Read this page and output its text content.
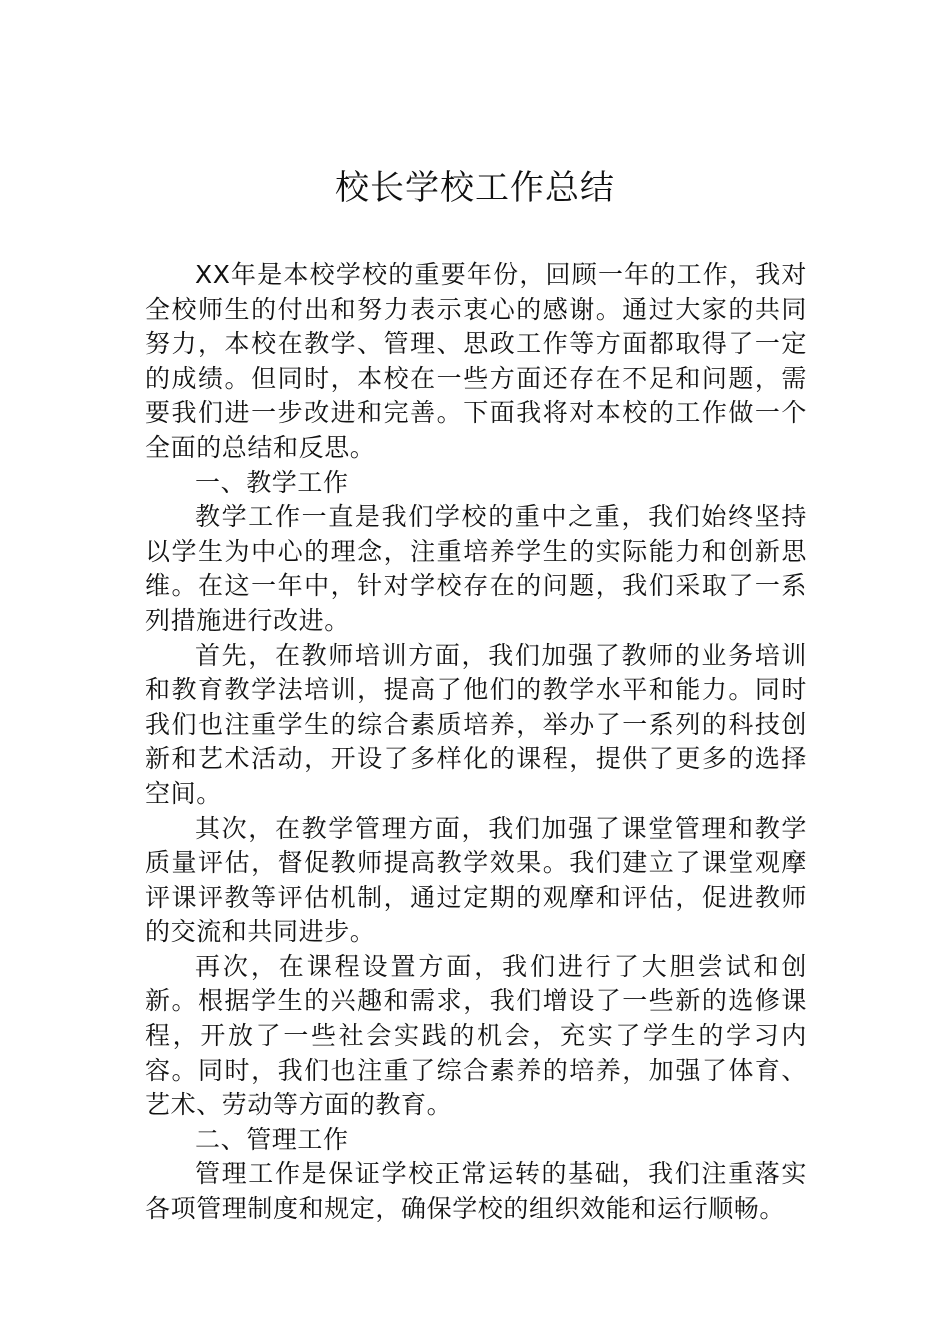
校长学校工作总结

XX年是本校学校的重要年份，回顾一年的工作，我对全校师生的付出和努力表示衷心的感谢。通过大家的共同努力，本校在教学、管理、思政工作等方面都取得了一定的成绩。但同时，本校在一些方面还存在不足和问题，需要我们进一步改进和完善。下面我将对本校的工作做一个全面的总结和反思。

一、教学工作

教学工作一直是我们学校的重中之重，我们始终坚持以学生为中心的理念，注重培养学生的实际能力和创新思维。在这一年中，针对学校存在的问题，我们采取了一系列措施进行改进。

首先，在教师培训方面，我们加强了教师的业务培训和教育教学法培训，提高了他们的教学水平和能力。同时我们也注重学生的综合素质培养，举办了一系列的科技创新和艺术活动，开设了多样化的课程，提供了更多的选择空间。

其次，在教学管理方面，我们加强了课堂管理和教学质量评估，督促教师提高教学效果。我们建立了课堂观摩评课评教等评估机制，通过定期的观摩和评估，促进教师的交流和共同进步。

再次，在课程设置方面，我们进行了大胆尝试和创新。根据学生的兴趣和需求，我们增设了一些新的选修课程，开放了一些社会实践的机会，充实了学生的学习内容。同时，我们也注重了综合素养的培养，加强了体育、艺术、劳动等方面的教育。

二、管理工作

管理工作是保证学校正常运转的基础，我们注重落实各项管理制度和规定，确保学校的组织效能和运行顺畅。
